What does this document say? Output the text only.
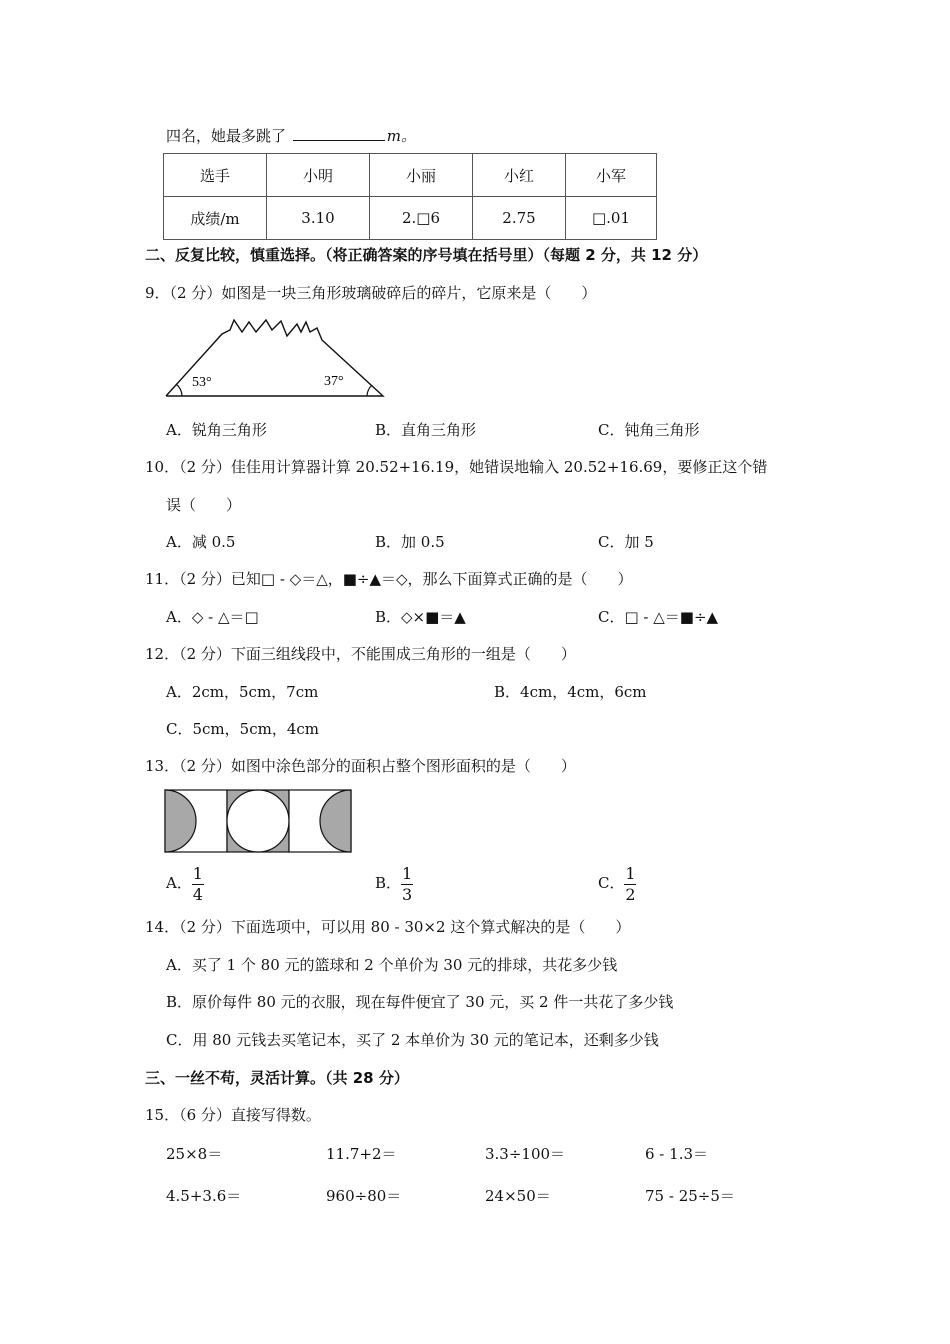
四名，她最多跳了	m。
选手	小明	小丽	小红	小军
成绩/m	3.10	2.□6	2.75	□.01
二、反复比较，慎重选择。（将正确答案的序号填在括号里）（每题 2 分，共 12 分）
9．（2 分）如图是一块三角形玻璃破碎后的碎片，它原来是（　　）
53°	37°
A．锐角三角形	B．直角三角形	C．钝角三角形
10．（2 分）佳佳用计算器计算 20.52+16.19，她错误地输入 20.52+16.69，要修正这个错
误（　　）
A．减 0.5	B．加 0.5	C．加 5
11．（2 分）已知□ - ◇＝△，■÷▲＝◇，那么下面算式正确的是（　　）
A．◇ - △＝□	B．◇×■＝▲	C．□ - △＝■÷▲
12．（2 分）下面三组线段中，不能围成三角形的一组是（　　）
A．2cm，5cm，7cm	B．4cm，4cm，6cm
C．5cm，5cm，4cm
13．（2 分）如图中涂色部分的面积占整个图形面积的是（　　）
A． $\frac{1}{4}$	B． $\frac{1}{3}$	C． $\frac{1}{2}$
14．（2 分）下面选项中，可以用 80 - 30×2 这个算式解决的是（　　）
A．买了 1 个 80 元的篮球和 2 个单价为 30 元的排球，共花多少钱
B．原价每件 80 元的衣服，现在每件便宜了 30 元，买 2 件一共花了多少钱
C．用 80 元钱去买笔记本，买了 2 本单价为 30 元的笔记本，还剩多少钱
三、一丝不苟，灵活计算。（共 28 分）
15．（6 分）直接写得数。
25×8＝	11.7+2＝	3.3÷100＝	6 - 1.3＝
4.5+3.6＝	960÷80＝	24×50＝	75 - 25÷5＝
